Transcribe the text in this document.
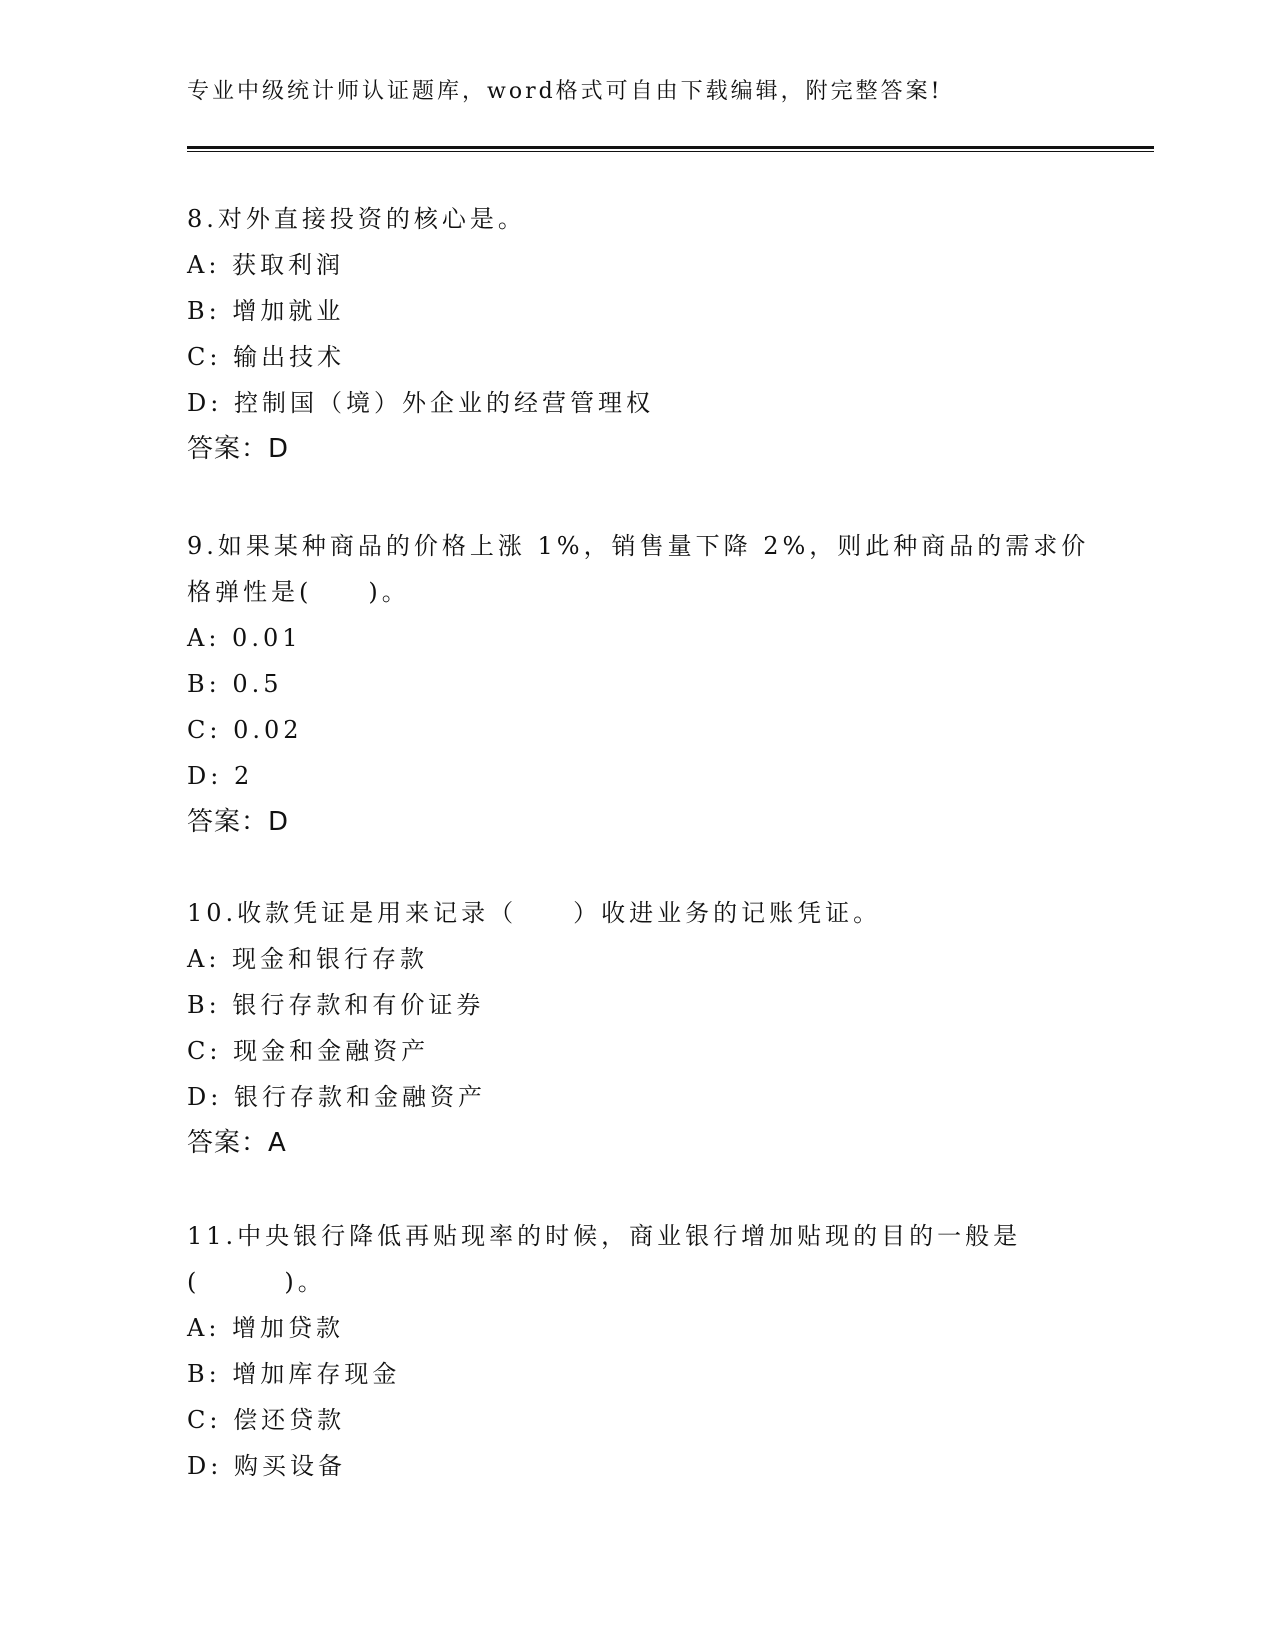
专业中级统计师认证题库，word格式可自由下载编辑，附完整答案!
8.对外直接投资的核心是。
A: 获取利润
B: 增加就业
C: 输出技术
D: 控制国（境）外企业的经营管理权
答案：D
9.如果某种商品的价格上涨 1%，销售量下降 2%，则此种商品的需求价
格弹性是(　　)。
A: 0.01
B: 0.5
C: 0.02
D: 2
答案：D
10.收款凭证是用来记录（　　）收进业务的记账凭证。
A: 现金和银行存款
B: 银行存款和有价证券
C: 现金和金融资产
D: 银行存款和金融资产
答案：A
11.中央银行降低再贴现率的时候，商业银行增加贴现的目的一般是
(　　　)。
A: 增加贷款
B: 增加库存现金
C: 偿还贷款
D: 购买设备
